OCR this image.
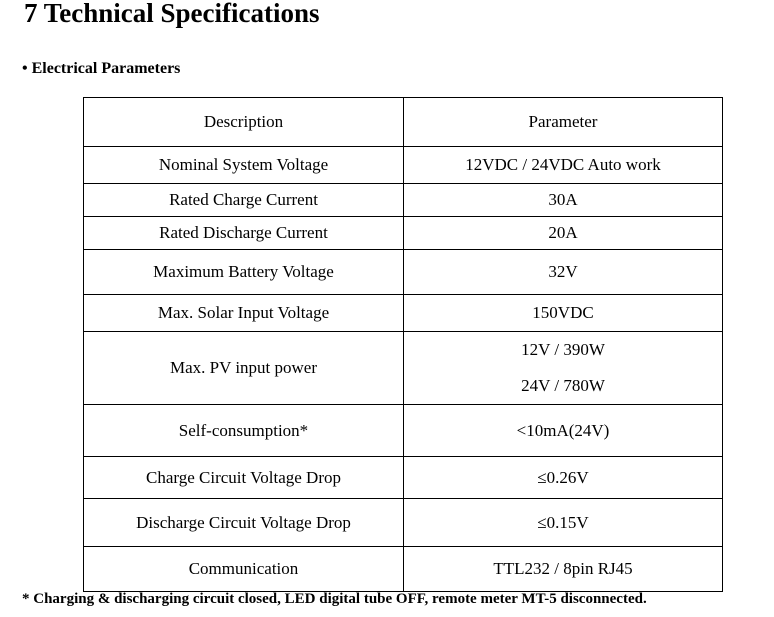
7 Technical Specifications
• Electrical Parameters
Description	Parameter
Nominal System Voltage	12VDC / 24VDC Auto work
Rated Charge Current	30A
Rated Discharge Current	20A
Maximum Battery Voltage	32V
Max. Solar Input Voltage	150VDC
Max. PV input power	12V / 390W
24V / 780W

Self-consumption*	<10mA(24V)
Charge Circuit Voltage Drop	≤0.26V
Discharge Circuit Voltage Drop	≤0.15V
Communication	TTL232 / 8pin RJ45
* Charging & discharging circuit closed, LED digital tube OFF, remote meter MT-5 disconnected.
